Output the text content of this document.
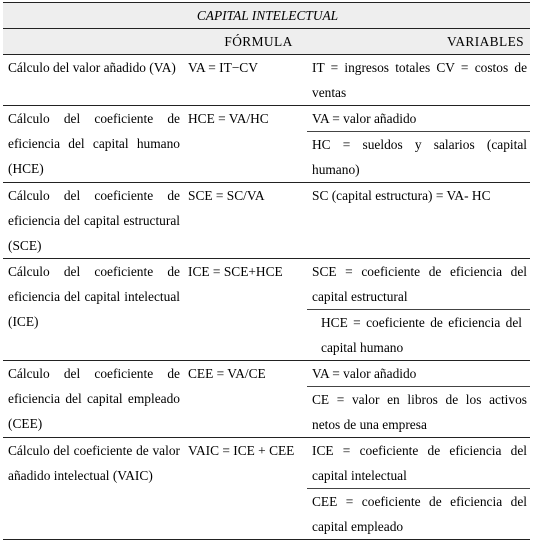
CAPITAL INTELECTUAL		
	FÓRMULA	VARIABLES
Cálculo del valor añadido (VA)	VA = IT−CV	IT = ingresos totales CV = costos de ventas
Cálculo del coeficiente de eficiencia del capital humano (HCE)	HCE = VA/HC	VA = valor añadido
		HC = sueldos y salarios (capital humano)
Cálculo del coeficiente de eficiencia del capital estructural (SCE)	SCE = SC/VA	SC (capital estructura) = VA- HC
Cálculo del coeficiente de eficiencia del capital intelectual (ICE)	ICE = SCE+HCE	SCE = coeficiente de eficiencia del capital estructural
		HCE = coeficiente de eficiencia del capital humano
Cálculo del coeficiente de eficiencia del capital empleado (CEE)	CEE = VA/CE	VA = valor añadido
		CE = valor en libros de los activos netos de una empresa
Cálculo del coeficiente de valor añadido intelectual (VAIC)	VAIC = ICE + CEE	ICE = coeficiente de eficiencia del capital intelectual
		CEE = coeficiente de eficiencia del capital empleado
